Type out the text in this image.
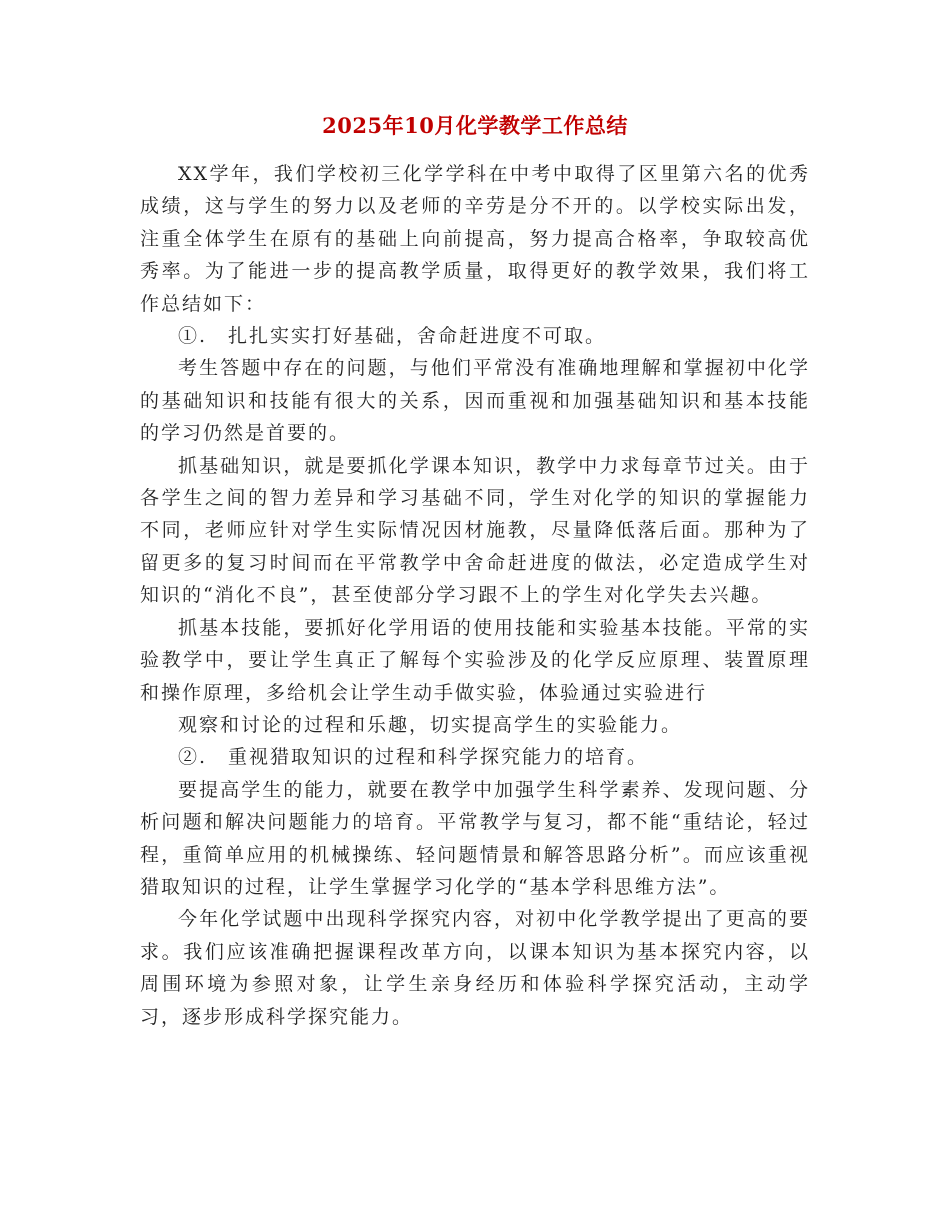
2025年10月化学教学工作总结

XX学年，我们学校初三化学学科在中考中取得了区里第六名的优秀成绩，这与学生的努力以及老师的辛劳是分不开的。以学校实际出发，注重全体学生在原有的基础上向前提高，努力提高合格率，争取较高优秀率。为了能进一步的提高教学质量，取得更好的教学效果，我们将工作总结如下：

①.　扎扎实实打好基础，舍命赶进度不可取。

考生答题中存在的问题，与他们平常没有准确地理解和掌握初中化学的基础知识和技能有很大的关系，因而重视和加强基础知识和基本技能的学习仍然是首要的。

抓基础知识，就是要抓化学课本知识，教学中力求每章节过关。由于各学生之间的智力差异和学习基础不同，学生对化学的知识的掌握能力不同，老师应针对学生实际情况因材施教，尽量降低落后面。那种为了留更多的复习时间而在平常教学中舍命赶进度的做法，必定造成学生对知识的“消化不良”，甚至使部分学习跟不上的学生对化学失去兴趣。

抓基本技能，要抓好化学用语的使用技能和实验基本技能。平常的实验教学中，要让学生真正了解每个实验涉及的化学反应原理、装置原理和操作原理，多给机会让学生动手做实验，体验通过实验进行

观察和讨论的过程和乐趣，切实提高学生的实验能力。

②.　重视猎取知识的过程和科学探究能力的培育。

要提高学生的能力，就要在教学中加强学生科学素养、发现问题、分析问题和解决问题能力的培育。平常教学与复习，都不能“重结论，轻过程，重简单应用的机械操练、轻问题情景和解答思路分析”。而应该重视猎取知识的过程，让学生掌握学习化学的“基本学科思维方法”。

今年化学试题中出现科学探究内容，对初中化学教学提出了更高的要求。我们应该准确把握课程改革方向，以课本知识为基本探究内容，以周围环境为参照对象，让学生亲身经历和体验科学探究活动，主动学习，逐步形成科学探究能力。
